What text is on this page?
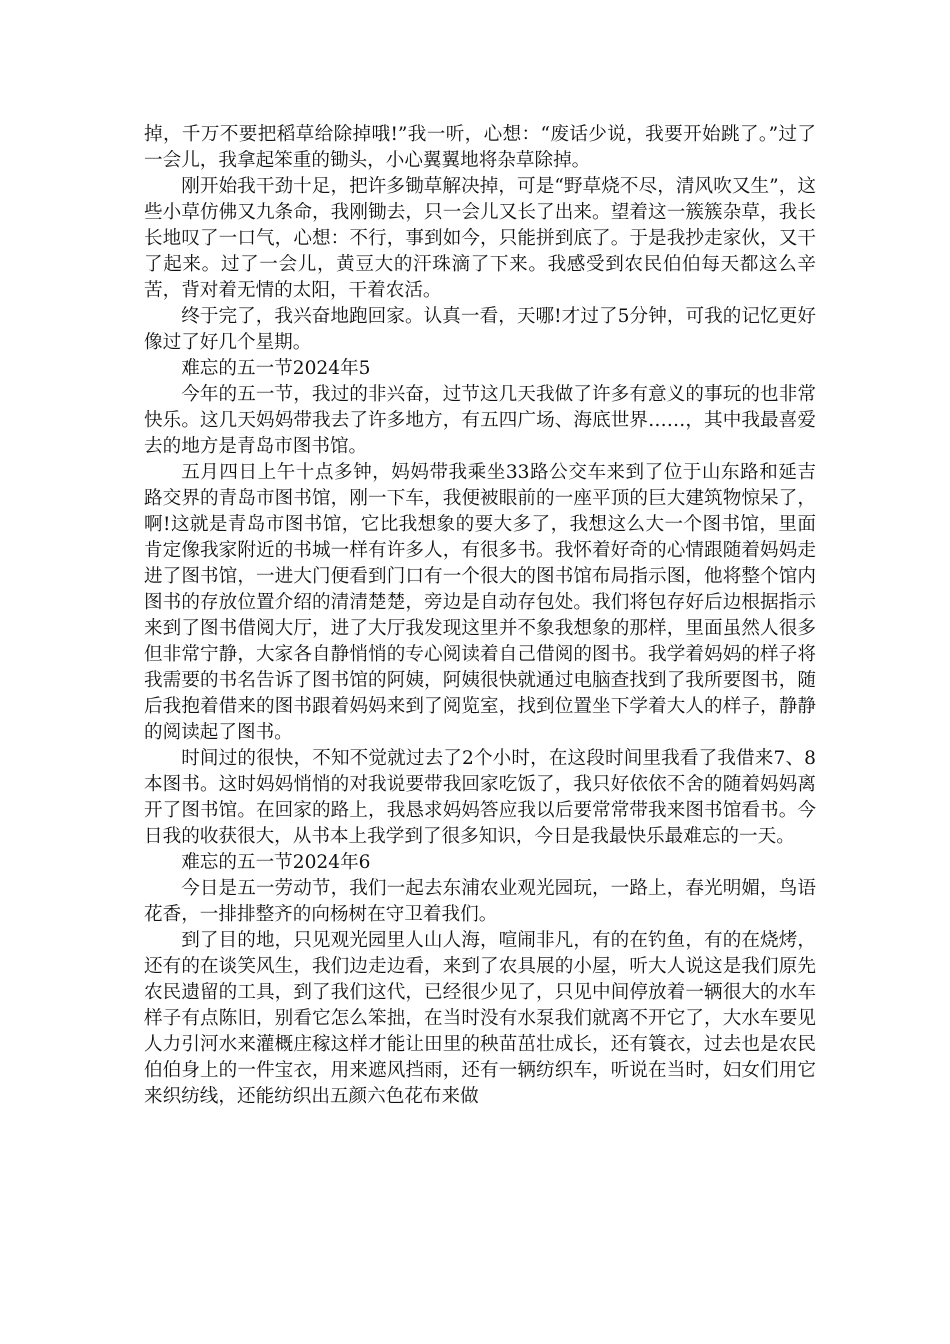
掉，千万不要把稻草给除掉哦!”我一听，心想：“废话少说，我要开始跳了。”过了一会儿，我拿起笨重的锄头，小心翼翼地将杂草除掉。

刚开始我干劲十足，把许多锄草解决掉，可是“野草烧不尽，清风吹又生”，这些小草仿佛又九条命，我刚锄去，只一会儿又长了出来。望着这一簇簇杂草，我长长地叹了一口气，心想：不行，事到如今，只能拼到底了。于是我抄走家伙，又干了起来。过了一会儿，黄豆大的汗珠滴了下来。我感受到农民伯伯每天都这么辛苦，背对着无情的太阳，干着农活。

终于完了，我兴奋地跑回家。认真一看，天哪!才过了5分钟，可我的记忆更好像过了好几个星期。

难忘的五一节2024年5

今年的五一节，我过的非兴奋，过节这几天我做了许多有意义的事玩的也非常快乐。这几天妈妈带我去了许多地方，有五四广场、海底世界……，其中我最喜爱去的地方是青岛市图书馆。

五月四日上午十点多钟，妈妈带我乘坐33路公交车来到了位于山东路和延吉路交界的青岛市图书馆，刚一下车，我便被眼前的一座平顶的巨大建筑物惊呆了，啊!这就是青岛市图书馆，它比我想象的要大多了，我想这么大一个图书馆，里面肯定像我家附近的书城一样有许多人，有很多书。我怀着好奇的心情跟随着妈妈走进了图书馆，一进大门便看到门口有一个很大的图书馆布局指示图，他将整个馆内图书的存放位置介绍的清清楚楚，旁边是自动存包处。我们将包存好后边根据指示来到了图书借阅大厅，进了大厅我发现这里并不象我想象的那样，里面虽然人很多但非常宁静，大家各自静悄悄的专心阅读着自己借阅的图书。我学着妈妈的样子将我需要的书名告诉了图书馆的阿姨，阿姨很快就通过电脑查找到了我所要图书，随后我抱着借来的图书跟着妈妈来到了阅览室，找到位置坐下学着大人的样子，静静的阅读起了图书。

时间过的很快，不知不觉就过去了2个小时，在这段时间里我看了我借来7、8本图书。这时妈妈悄悄的对我说要带我回家吃饭了，我只好依依不舍的随着妈妈离开了图书馆。在回家的路上，我恳求妈妈答应我以后要常常带我来图书馆看书。今日我的收获很大，从书本上我学到了很多知识，今日是我最快乐最难忘的一天。

难忘的五一节2024年6

今日是五一劳动节，我们一起去东浦农业观光园玩，一路上，春光明媚，鸟语花香，一排排整齐的向杨树在守卫着我们。

到了目的地，只见观光园里人山人海，喧闹非凡，有的在钓鱼，有的在烧烤，还有的在谈笑风生，我们边走边看，来到了农具展的小屋，听大人说这是我们原先农民遗留的工具，到了我们这代，已经很少见了，只见中间停放着一辆很大的水车样子有点陈旧，别看它怎么笨拙，在当时没有水泵我们就离不开它了，大水车要见人力引河水来灌概庄稼这样才能让田里的秧苗茁壮成长，还有簑衣，过去也是农民伯伯身上的一件宝衣，用来遮风挡雨，还有一辆纺织车，听说在当时，妇女们用它来织纺线，还能纺织出五颜六色花布来做
